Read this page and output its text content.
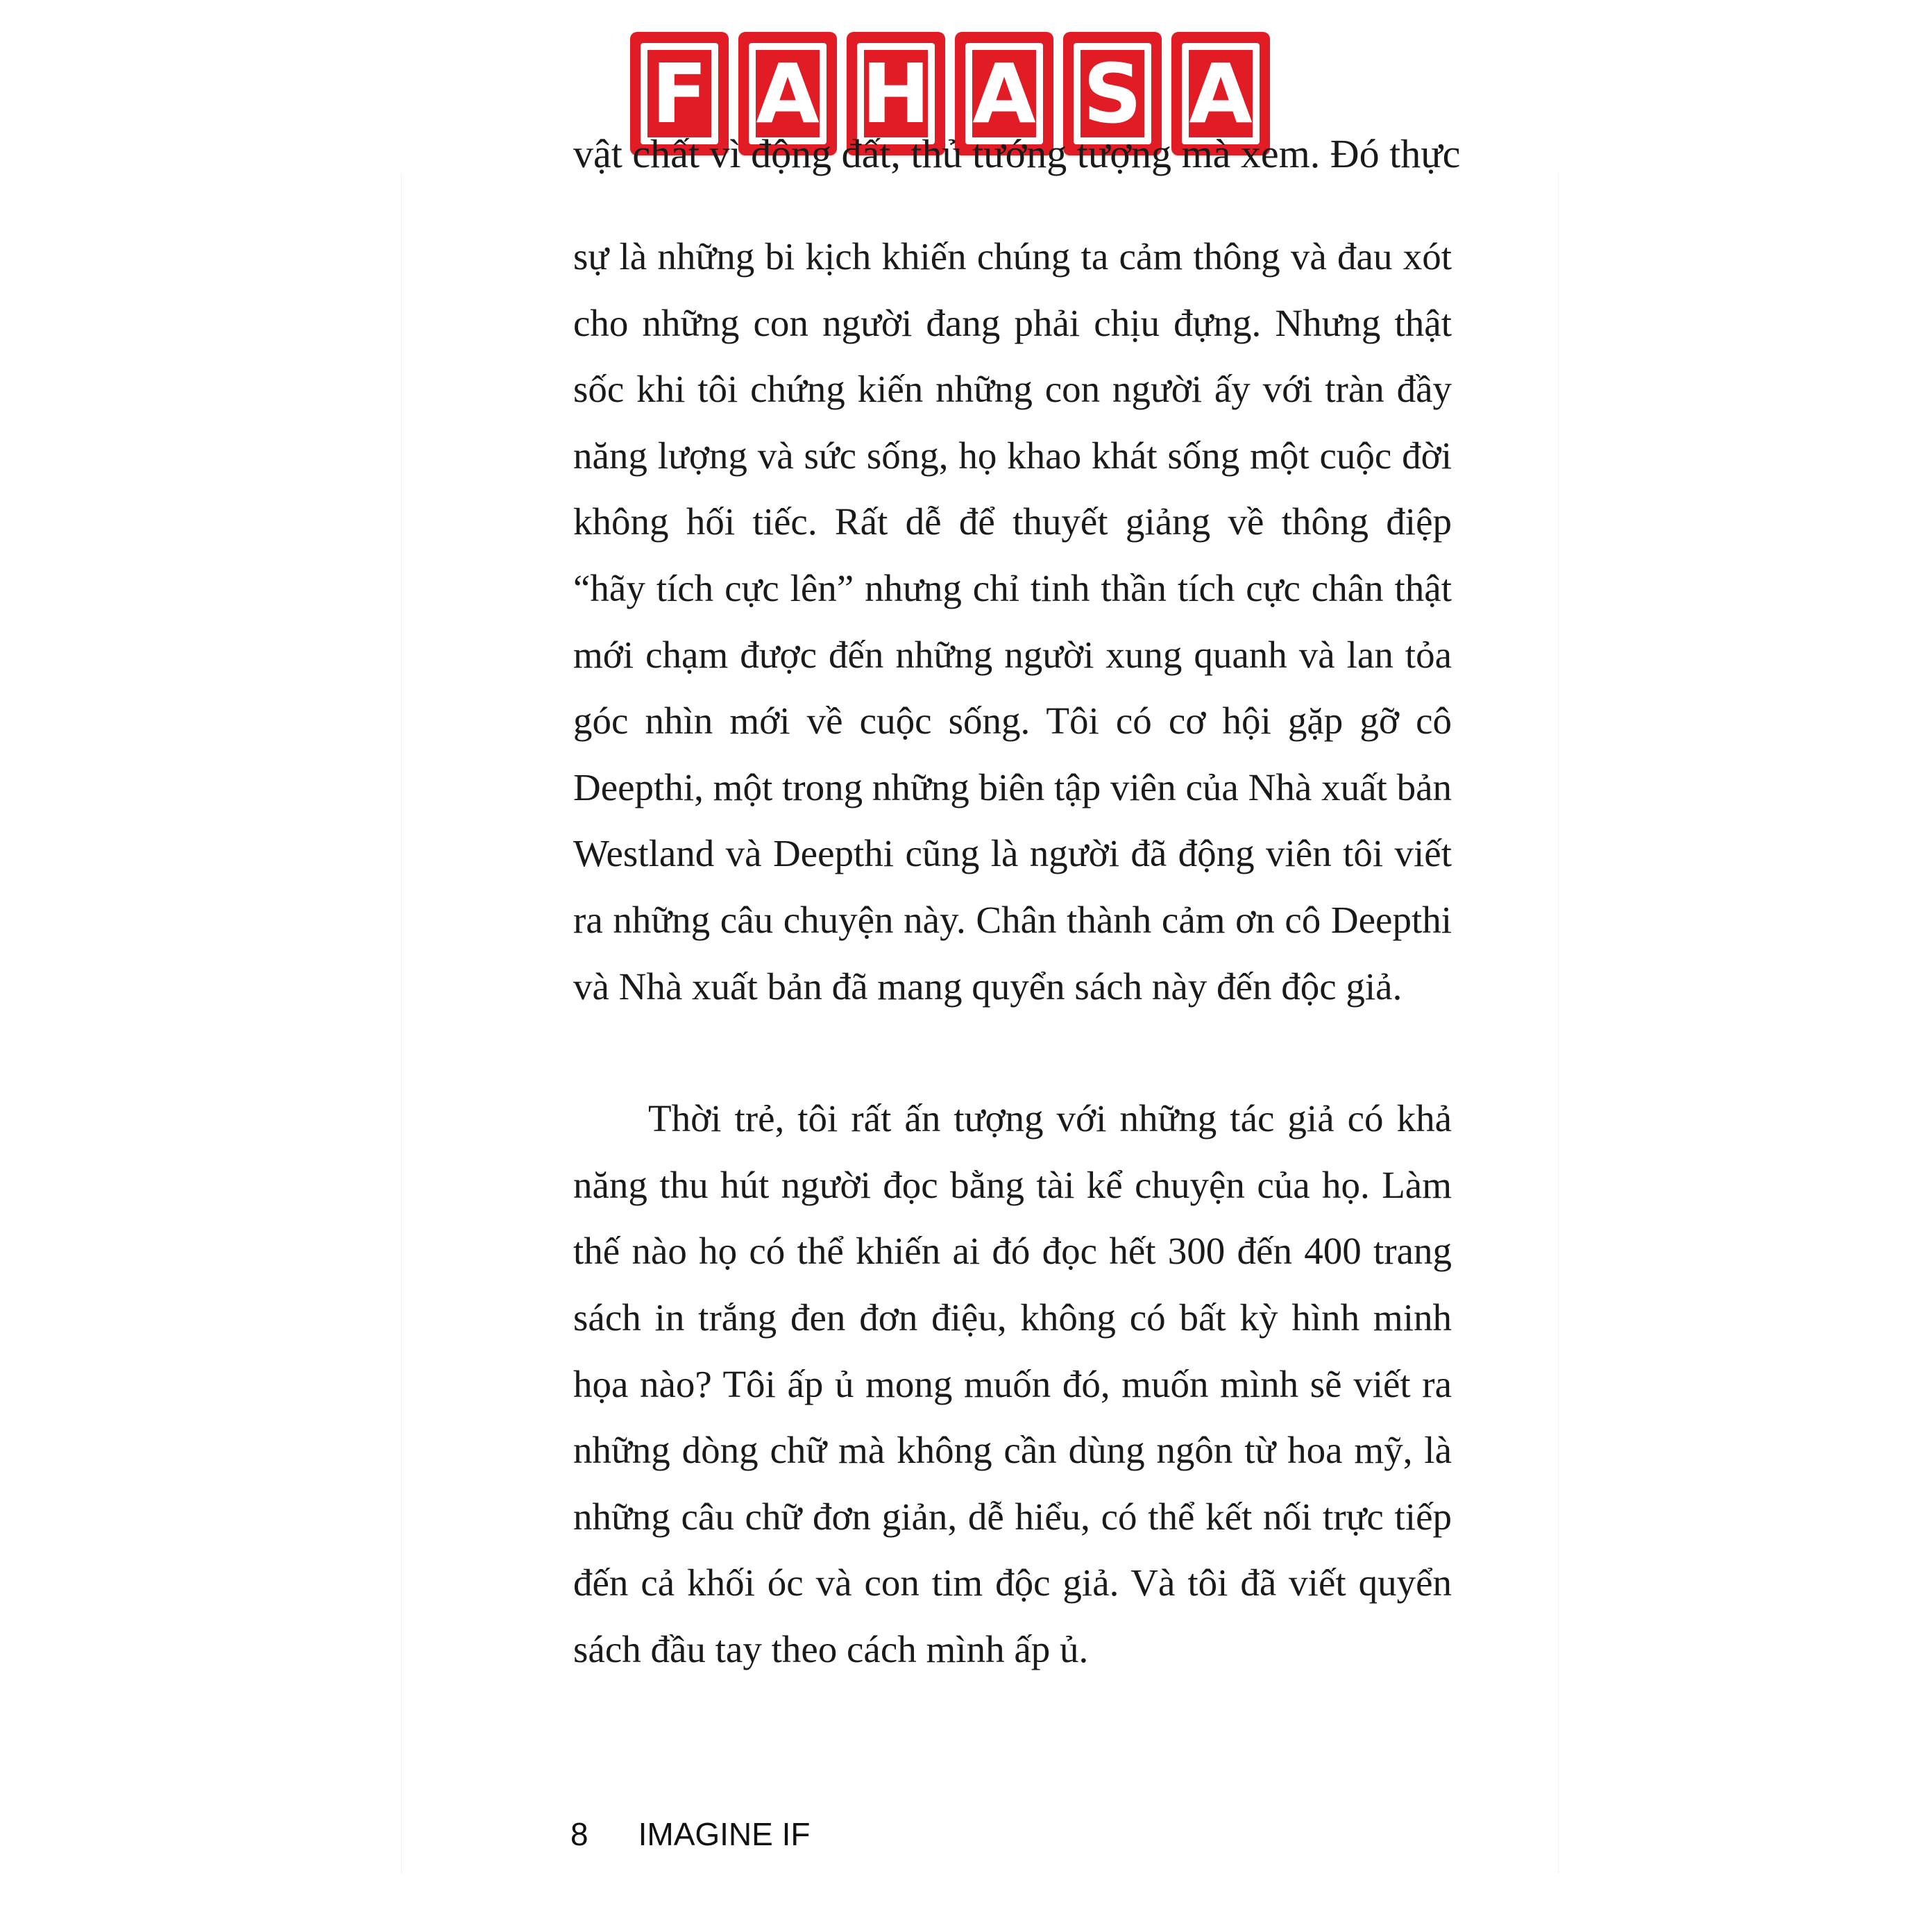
F A H A S A
vật chất vì động đất, thủ tướng tượng mà xem. Đó thực

sự là những bi kịch khiến chúng ta cảm thông và đau xót cho những con người đang phải chịu đựng. Nhưng thật sốc khi tôi chứng kiến những con người ấy với tràn đầy năng lượng và sức sống, họ khao khát sống một cuộc đời không hối tiếc. Rất dễ để thuyết giảng về thông điệp “hãy tích cực lên” nhưng chỉ tinh thần tích cực chân thật mới chạm được đến những người xung quanh và lan tỏa góc nhìn mới về cuộc sống. Tôi có cơ hội gặp gỡ cô Deepthi, một trong những biên tập viên của Nhà xuất bản Westland và Deepthi cũng là người đã động viên tôi viết ra những câu chuyện này. Chân thành cảm ơn cô Deepthi và Nhà xuất bản đã mang quyển sách này đến độc giả.

Thời trẻ, tôi rất ấn tượng với những tác giả có khả năng thu hút người đọc bằng tài kể chuyện của họ. Làm thế nào họ có thể khiến ai đó đọc hết 300 đến 400 trang sách in trắng đen đơn điệu, không có bất kỳ hình minh họa nào? Tôi ấp ủ mong muốn đó, muốn mình sẽ viết ra những dòng chữ mà không cần dùng ngôn từ hoa mỹ, là những câu chữ đơn giản, dễ hiểu, có thể kết nối trực tiếp đến cả khối óc và con tim độc giả. Và tôi đã viết quyển sách đầu tay theo cách mình ấp ủ.

8 IMAGINE IF
